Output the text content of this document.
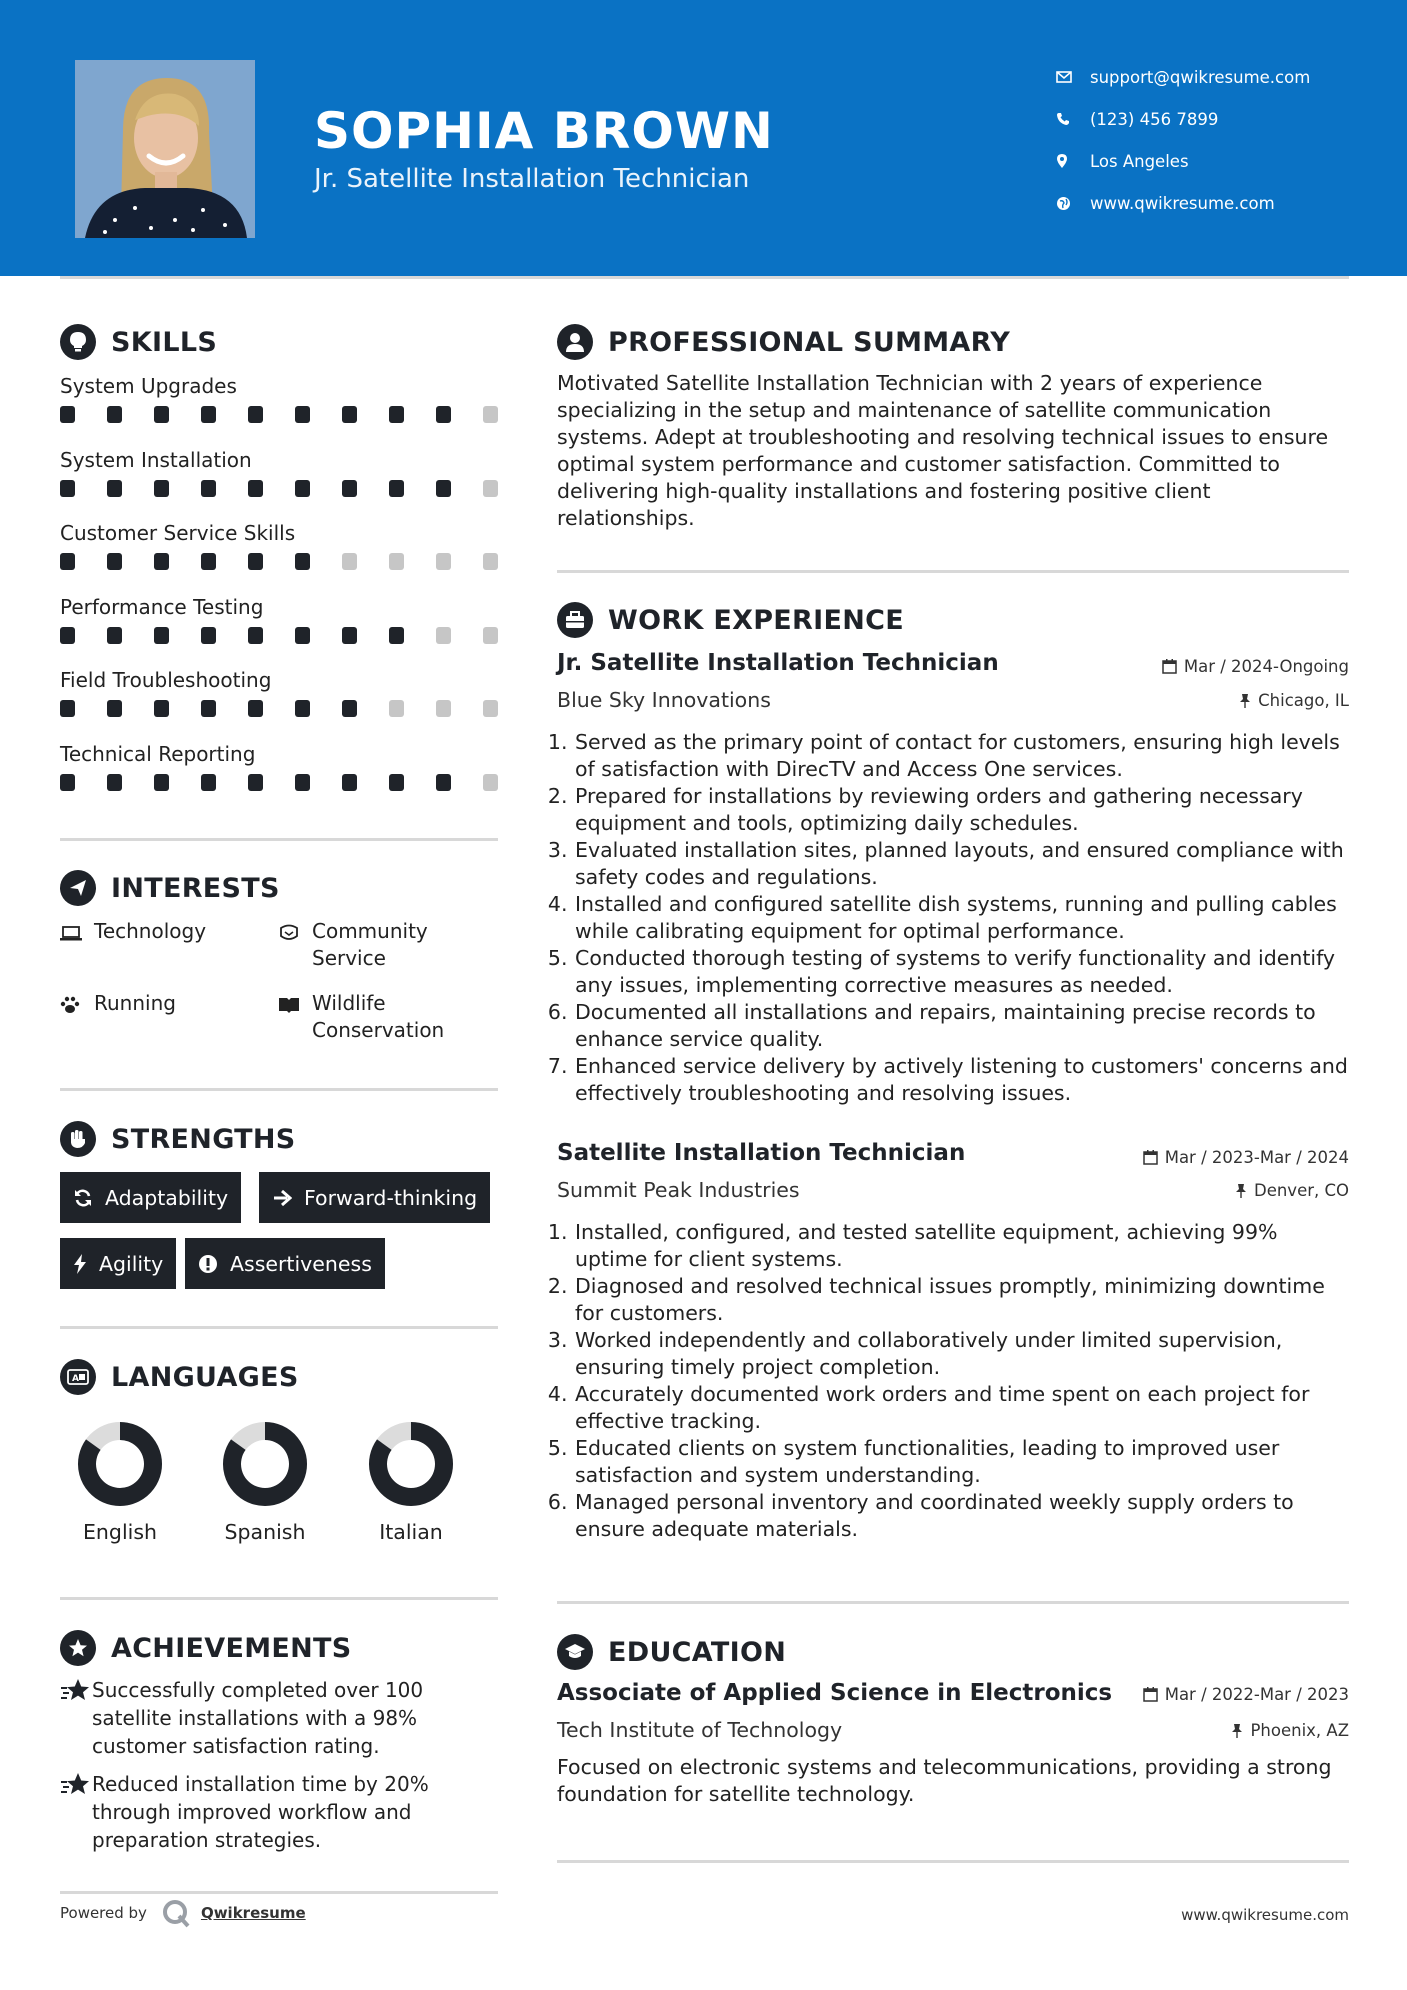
SOPHIA BROWN
Jr. Satellite Installation Technician
support@qwikresume.com
(123) 456 7899
Los Angeles
www.qwikresume.com
SKILLS
System Upgrades
System Installation
Customer Service Skills
Performance Testing
Field Troubleshooting
Technical Reporting
INTERESTS
Technology	Community
Service
Running	Wildlife
Conservation
STRENGTHS
Adaptability	Forward-thinking
Agility	Assertiveness
A LANGUAGES
English	Spanish	Italian
ACHIEVEMENTS
Successfully completed over 100 satellite installations with a 98% customer satisfaction rating.
Reduced installation time by 20% through improved workflow and preparation strategies.
PROFESSIONAL SUMMARY
Motivated Satellite Installation Technician with 2 years of experience specializing in the setup and maintenance of satellite communication systems. Adept at troubleshooting and resolving technical issues to ensure optimal system performance and customer satisfaction. Committed to delivering high-quality installations and fostering positive client relationships.
WORK EXPERIENCE
Jr. Satellite Installation Technician	Mar / 2024-Ongoing
Blue Sky Innovations	Chicago, IL
1. Served as the primary point of contact for customers, ensuring high levels of satisfaction with DirecTV and Access One services.
2. Prepared for installations by reviewing orders and gathering necessary equipment and tools, optimizing daily schedules.
3. Evaluated installation sites, planned layouts, and ensured compliance with safety codes and regulations.
4. Installed and configured satellite dish systems, running and pulling cables while calibrating equipment for optimal performance.
5. Conducted thorough testing of systems to verify functionality and identify any issues, implementing corrective measures as needed.
6. Documented all installations and repairs, maintaining precise records to enhance service quality.
7. Enhanced service delivery by actively listening to customers' concerns and effectively troubleshooting and resolving issues.
Satellite Installation Technician	Mar / 2023-Mar / 2024
Summit Peak Industries	Denver, CO
1. Installed, configured, and tested satellite equipment, achieving 99% uptime for client systems.
2. Diagnosed and resolved technical issues promptly, minimizing downtime for customers.
3. Worked independently and collaboratively under limited supervision, ensuring timely project completion.
4. Accurately documented work orders and time spent on each project for effective tracking.
5. Educated clients on system functionalities, leading to improved user satisfaction and system understanding.
6. Managed personal inventory and coordinated weekly supply orders to ensure adequate materials.
EDUCATION
Associate of Applied Science in Electronics	Mar / 2022-Mar / 2023
Tech Institute of Technology	Phoenix, AZ
Focused on electronic systems and telecommunications, providing a strong foundation for satellite technology.
Powered by	Qwikresume	www.qwikresume.com
